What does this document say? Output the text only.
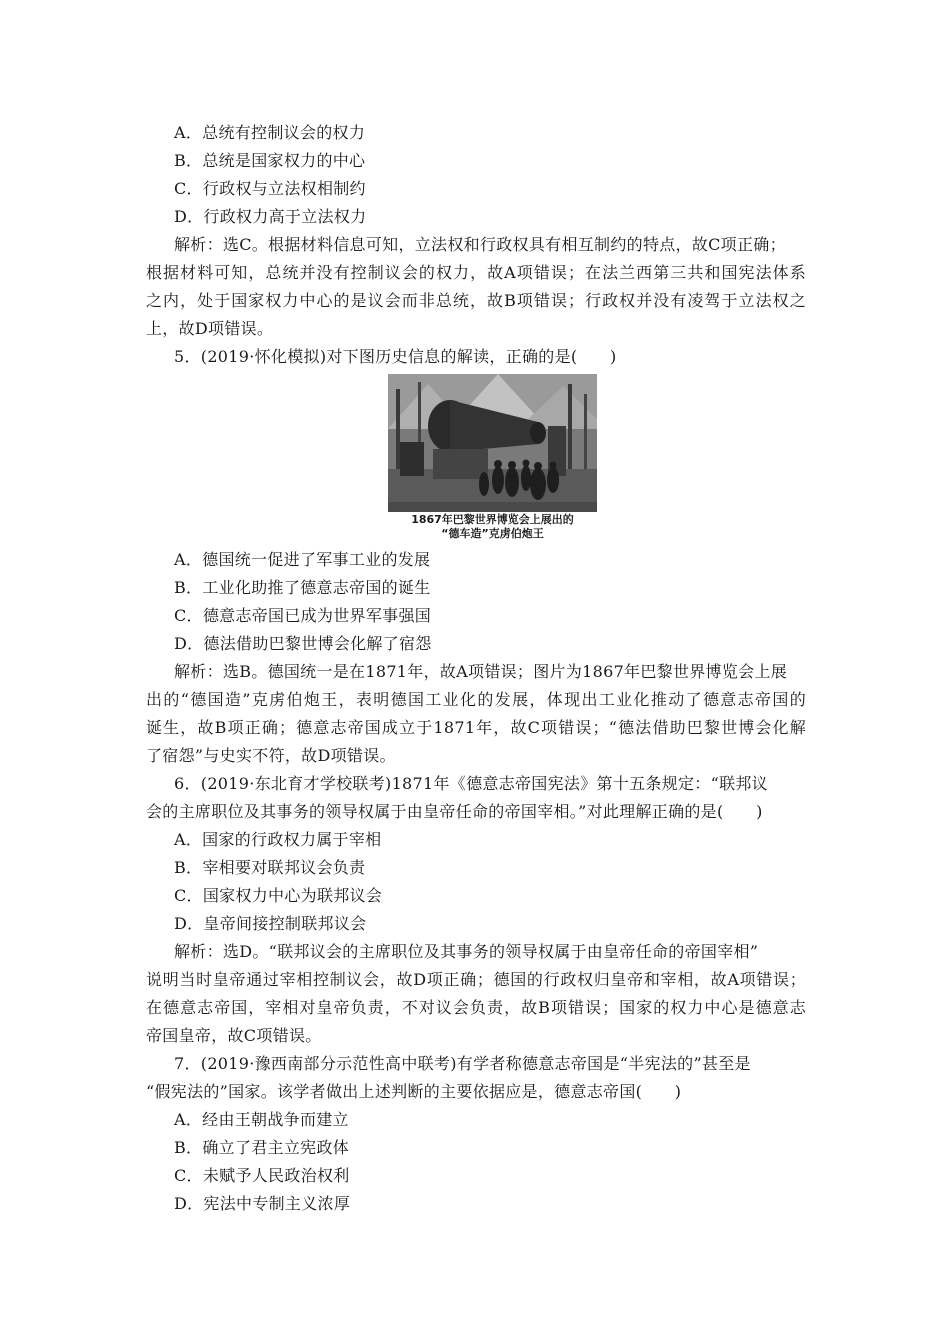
A．总统有控制议会的权力
B．总统是国家权力的中心
C．行政权与立法权相制约
D．行政权力高于立法权力
解析：选C。根据材料信息可知，立法权和行政权具有相互制约的特点，故C项正确；
根据材料可知，总统并没有控制议会的权力，故A项错误；在法兰西第三共和国宪法体系
之内，处于国家权力中心的是议会而非总统，故B项错误；行政权并没有凌驾于立法权之
上，故D项错误。
5．(2019·怀化模拟)对下图历史信息的解读，正确的是(　　)
1867年巴黎世界博览会上展出的
“德车造”克虏伯炮王
A．德国统一促进了军事工业的发展
B．工业化助推了德意志帝国的诞生
C．德意志帝国已成为世界军事强国
D．德法借助巴黎世博会化解了宿怨
解析：选B。德国统一是在1871年，故A项错误；图片为1867年巴黎世界博览会上展
出的“德国造”克虏伯炮王，表明德国工业化的发展，体现出工业化推动了德意志帝国的
诞生，故B项正确；德意志帝国成立于1871年，故C项错误；“德法借助巴黎世博会化解
了宿怨”与史实不符，故D项错误。
6．(2019·东北育才学校联考)1871年《德意志帝国宪法》第十五条规定：“联邦议
会的主席职位及其事务的领导权属于由皇帝任命的帝国宰相。”对此理解正确的是(　　)
A．国家的行政权力属于宰相
B．宰相要对联邦议会负责
C．国家权力中心为联邦议会
D．皇帝间接控制联邦议会
解析：选D。“联邦议会的主席职位及其事务的领导权属于由皇帝任命的帝国宰相”
说明当时皇帝通过宰相控制议会，故D项正确；德国的行政权归皇帝和宰相，故A项错误；
在德意志帝国，宰相对皇帝负责，不对议会负责，故B项错误；国家的权力中心是德意志
帝国皇帝，故C项错误。
7．(2019·豫西南部分示范性高中联考)有学者称德意志帝国是“半宪法的”甚至是
“假宪法的”国家。该学者做出上述判断的主要依据应是，德意志帝国(　　)
A．经由王朝战争而建立
B．确立了君主立宪政体
C．未赋予人民政治权利
D．宪法中专制主义浓厚
